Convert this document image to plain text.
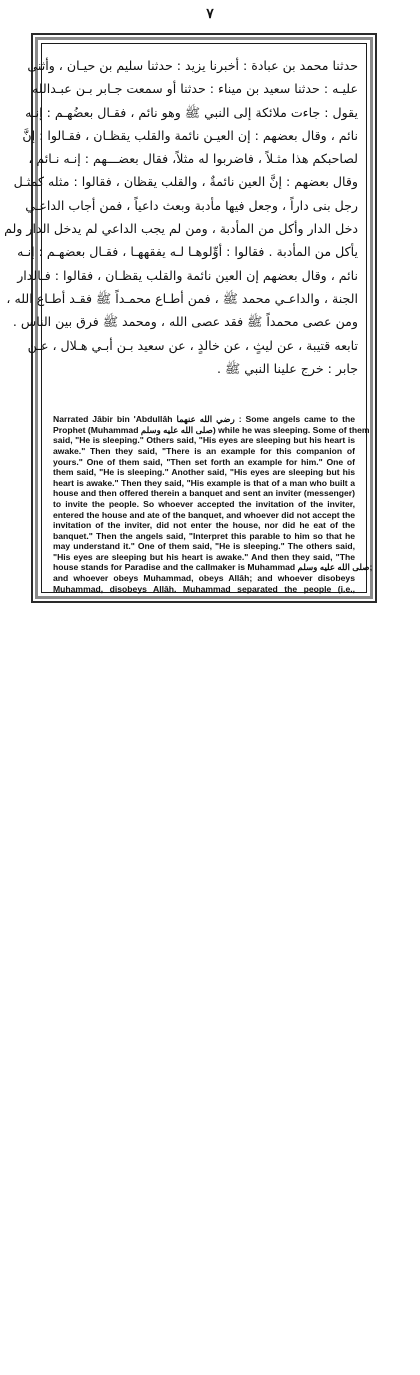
٧
حدثنا محمد بن عبادة : أخبرنا يزيد : حدثنا سليم بن حيـان ، وأثنى
عليـه : حدثنا سعيد بن ميناء : حدثنا أو سمعت جـابر بـن عبـدالله
يقول : جاءت ملائكة إلى النبي ﷺ وهو نائم ، فقـال بعضُهـم : إنـه
نائم ، وقال بعضهم : إن العيـن نائمة والقلب يقظـان ، فقـالوا : إنَّ
لصاحبكم هذا مثـلاً ، فاضربوا له مثلاً، فقال بعضـــهم : إنـه نـائم ،
وقال بعضهم : إنَّ العين نائمةٌ ، والقلب يقظان ، فقالوا : مثله كمثـل
رجل بنى داراً ، وجعل فيها مأدبة وبعث داعياً ، فمن أجاب الداعـي
دخل الدار وأكل من المأدبة ، ومن لم يجب الداعي لم يدخل الدار ولم
يأكل من المأدبة . فقالوا : أوِّلوهـا لـه يفقههـا ، فقـال بعضهـم : إنـه
نائم ، وقال بعضهم إن العين نائمة والقلب يقظـان ، فقالوا : فـالدار
الجنة ، والداعـي محمد ﷺ ، فمن أطـاع محمـداً ﷺ فقـد أطـاع الله ،
ومن عصى محمداً ﷺ فقد عصى الله ، ومحمد ﷺ فرق بين الناس .
تابعه قتيبة ، عن ليثٍ ، عن خالدٍ ، عن سعيد بـن أبـي هـلال ، عـن
جابر : خرج علينا النبي ﷺ .
Narrated Jâbir bin 'Abdullâh رضي الله عنهما : Some angels came to the
Prophet (Muhammad صلى الله عليه وسلم) while he was sleeping. Some of them
said, "He is sleeping." Others said, "His eyes are sleeping but his heart is
awake." Then they said, "There is an example for this companion of
yours." One of them said, "Then set forth an example for him." One of
them said, "He is sleeping." Another said, "His eyes are sleeping but his
heart is awake." Then they said, "His example is that of a man who built a
house and then offered therein a banquet and sent an inviter (messenger)
to invite the people. So whoever accepted the invitation of the inviter,
entered the house and ate of the banquet, and whoever did not accept the
invitation of the inviter, did not enter the house, nor did he eat of the
banquet." Then the angels said, "Interpret this parable to him so that he
may understand it." One of them said, "He is sleeping." The others said,
"His eyes are sleeping but his heart is awake." And then they said, "The
house stands for Paradise and the callmaker is Muhammad صلى الله عليه وسلم;
and whoever obeys Muhammad, obeys Allâh; and whoever disobeys
Muhammad, disobeys Allâh. Muhammad separated the people (i.e.,
